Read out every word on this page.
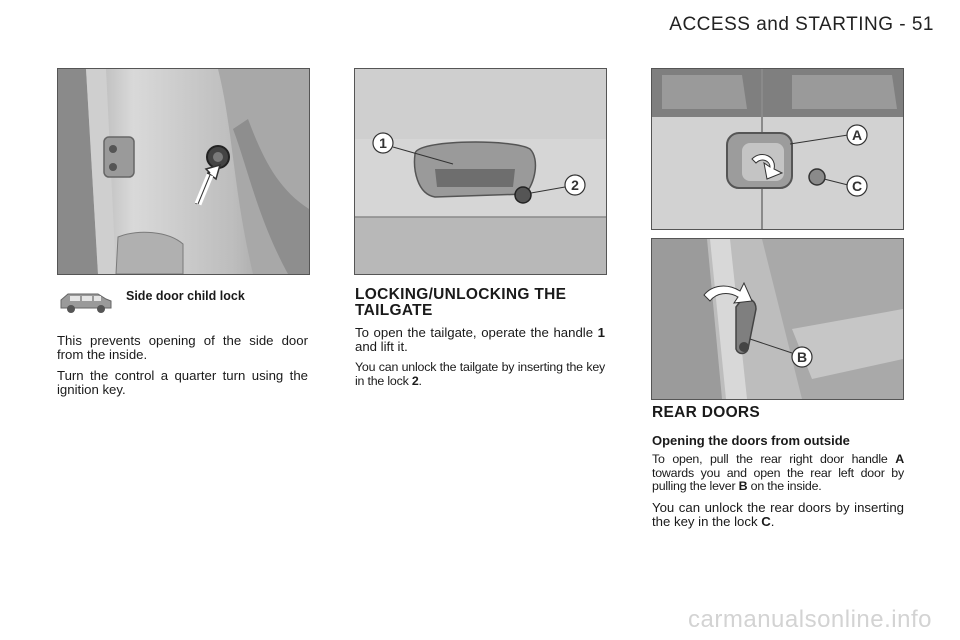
ACCESS and STARTING - 51
1
2
A
C
B
Side door child lock

This prevents opening of the side door from the inside.

Turn the control a quarter turn using the ignition key.

LOCKING/UNLOCKING THE
TAILGATE

To open the tailgate, operate the handle 1 and lift it.

You can unlock the tailgate by inserting the key in the lock 2.

REAR DOORS

Opening the doors from outside

To open, pull the rear right door handle A towards you and open the rear left door by pulling the lever B on the inside.

You can unlock the rear doors by inserting the key in the lock C.

carmanualsonline.info
